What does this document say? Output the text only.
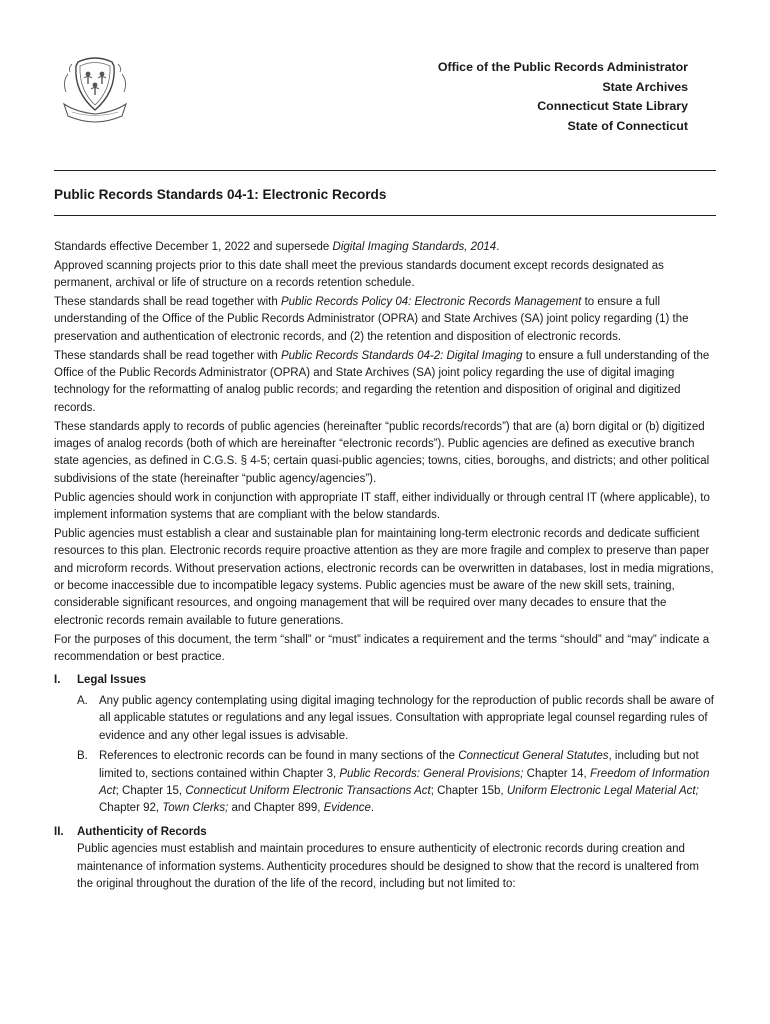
Office of the Public Records Administrator
State Archives
Connecticut State Library
State of Connecticut
Public Records Standards 04-1: Electronic Records

Standards effective December 1, 2022 and supersede Digital Imaging Standards, 2014.

Approved scanning projects prior to this date shall meet the previous standards document except records designated as permanent, archival or life of structure on a records retention schedule.

These standards shall be read together with Public Records Policy 04: Electronic Records Management to ensure a full understanding of the Office of the Public Records Administrator (OPRA) and State Archives (SA) joint policy regarding (1) the preservation and authentication of electronic records, and (2) the retention and disposition of electronic records.

These standards shall be read together with Public Records Standards 04-2: Digital Imaging to ensure a full understanding of the Office of the Public Records Administrator (OPRA) and State Archives (SA) joint policy regarding the use of digital imaging technology for the reformatting of analog public records; and regarding the retention and disposition of original and digitized records.

These standards apply to records of public agencies (hereinafter “public records/records”) that are (a) born digital or (b) digitized images of analog records (both of which are hereinafter “electronic records”). Public agencies are defined as executive branch state agencies, as defined in C.G.S. § 4-5; certain quasi-public agencies; towns, cities, boroughs, and districts; and other political subdivisions of the state (hereinafter “public agency/agencies”).

Public agencies should work in conjunction with appropriate IT staff, either individually or through central IT (where applicable), to implement information systems that are compliant with the below standards.

Public agencies must establish a clear and sustainable plan for maintaining long-term electronic records and dedicate sufficient resources to this plan. Electronic records require proactive attention as they are more fragile and complex to preserve than paper and microform records. Without preservation actions, electronic records can be overwritten in databases, lost in media migrations, or become inaccessible due to incompatible legacy systems. Public agencies must be aware of the new skill sets, training, considerable significant resources, and ongoing management that will be required over many decades to ensure that the electronic records remain available to future generations.

For the purposes of this document, the term “shall” or “must” indicates a requirement and the terms “should” and “may” indicate a recommendation or best practice.

I.	Legal Issues
A. Any public agency contemplating using digital imaging technology for the reproduction of public records shall be aware of all applicable statutes or regulations and any legal issues. Consultation with appropriate legal counsel regarding rules of evidence and any other legal issues is advisable.
B. References to electronic records can be found in many sections of the Connecticut General Statutes, including but not limited to, sections contained within Chapter 3, Public Records: General Provisions; Chapter 14, Freedom of Information Act; Chapter 15, Connecticut Uniform Electronic Transactions Act; Chapter 15b, Uniform Electronic Legal Material Act; Chapter 92, Town Clerks; and Chapter 899, Evidence.
II.	Authenticity of Records
Public agencies must establish and maintain procedures to ensure authenticity of electronic records during creation and maintenance of information systems. Authenticity procedures should be designed to show that the record is unaltered from the original throughout the duration of the life of the record, including but not limited to:
